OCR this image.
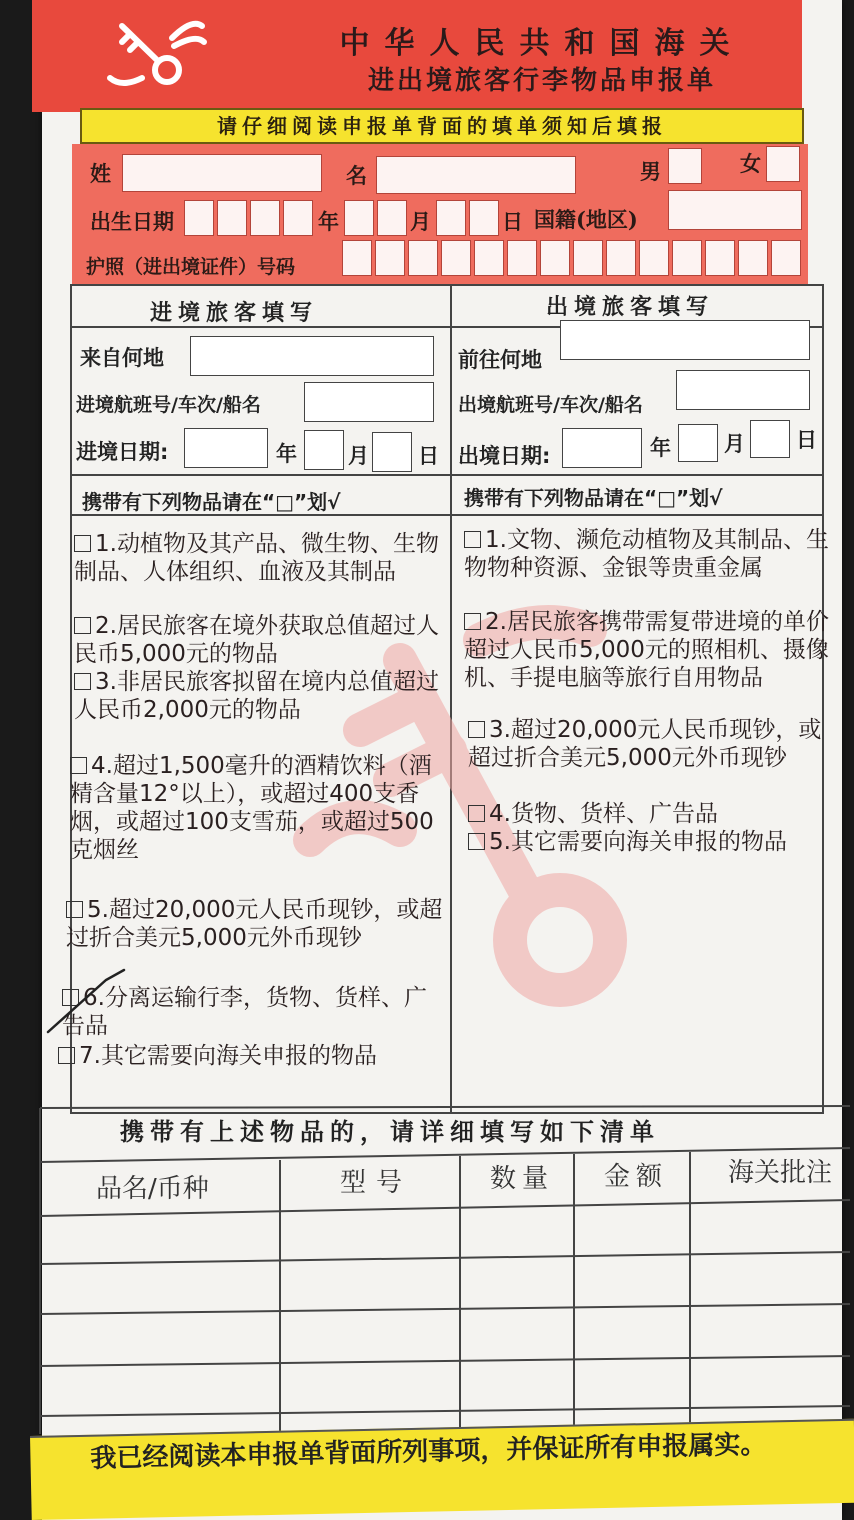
中华人民共和国海关
进出境旅客行李物品申报单
请仔细阅读申报单背面的填单须知后填报
姓	名	男	女
出生日期	年	月	日 国籍(地区)
护照（进出境证件）号码
进境旅客填写	出境旅客填写
来自何地
进境航班号/车次/船名
进境日期:	年 月 日
前往何地
出境航班号/车次/船名
出境日期:	年	月 日
携带有下列物品请在“□”划√	携带有下列物品请在“□”划√
1.动植物及其产品、微生物、生物制品、人体组织、血液及其制品
2.居民旅客在境外获取总值超过人民币5,000元的物品
3.非居民旅客拟留在境内总值超过人民币2,000元的物品
4.超过1,500毫升的酒精饮料（酒精含量12°以上），或超过400支香烟，或超过100支雪茄，或超过500克烟丝
5.超过20,000元人民币现钞，或超过折合美元5,000元外币现钞
6.分离运输行李，货物、货样、广告品
7.其它需要向海关申报的物品
1.文物、濒危动植物及其制品、生物物种资源、金银等贵重金属
2.居民旅客携带需复带进境的单价超过人民币5,000元的照相机、摄像机、手提电脑等旅行自用物品
3.超过20,000元人民币现钞，或超过折合美元5,000元外币现钞
4.货物、货样、广告品
5.其它需要向海关申报的物品
携带有上述物品的，请详细填写如下清单
品名/币种	型号	数量 金额 海关批注
我已经阅读本申报单背面所列事项，并保证所有申报属实。
